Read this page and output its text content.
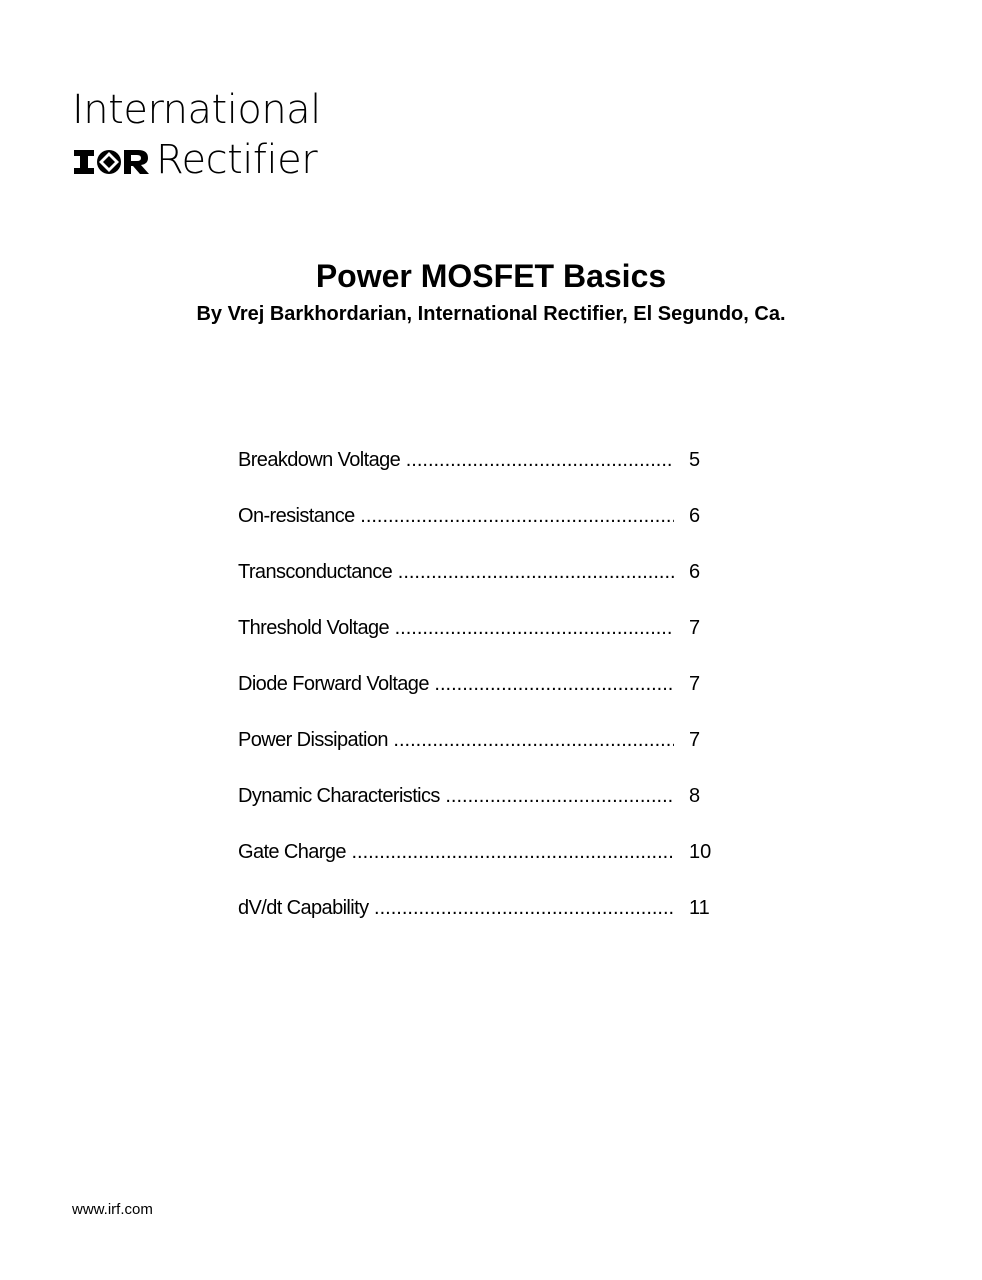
International
Rectifier
Power MOSFET Basics

By Vrej Barkhordarian, International Rectifier, El Segundo, Ca.

Breakdown Voltage .....	5
On-resistance .....	6
Transconductance .....	6
Threshold Voltage .....	7
Diode Forward Voltage .....	7
Power Dissipation .....	7
Dynamic Characteristics .....	8
Gate Charge .....	10
dV/dt Capability .....	11
www.irf.com
